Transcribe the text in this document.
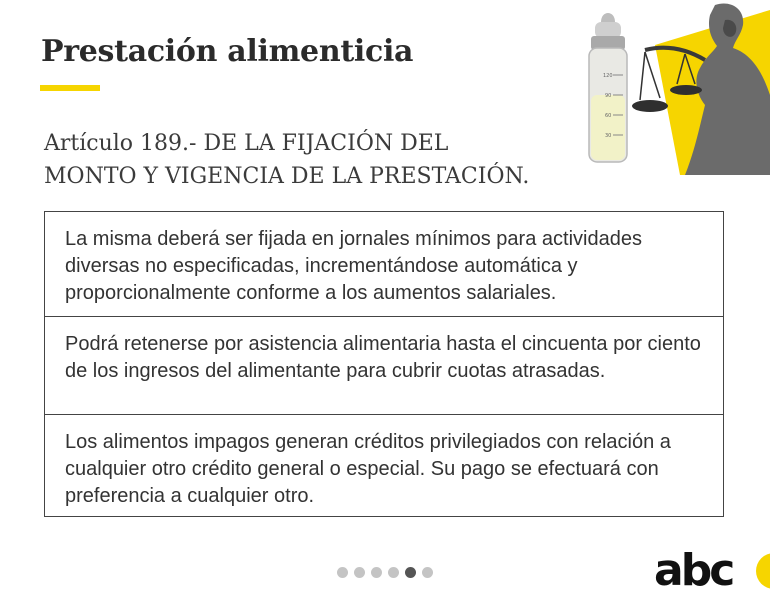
Prestación alimenticia
120
90
60
30
Artículo 189.- DE LA FIJACIÓN DEL
MONTO Y VIGENCIA DE LA PRESTACIÓN.

La misma deberá ser fijada en jornales mínimos para actividades diversas no especificadas, incrementándose automática y proporcionalmente conforme a los aumentos salariales.

Podrá retenerse por asistencia alimentaria hasta el cincuenta por ciento de los ingresos del alimentante para cubrir cuotas atrasadas.

Los alimentos impagos generan créditos privilegiados con relación a cualquier otro crédito general o especial. Su pago se efectuará con preferencia a cualquier otro.

abc
